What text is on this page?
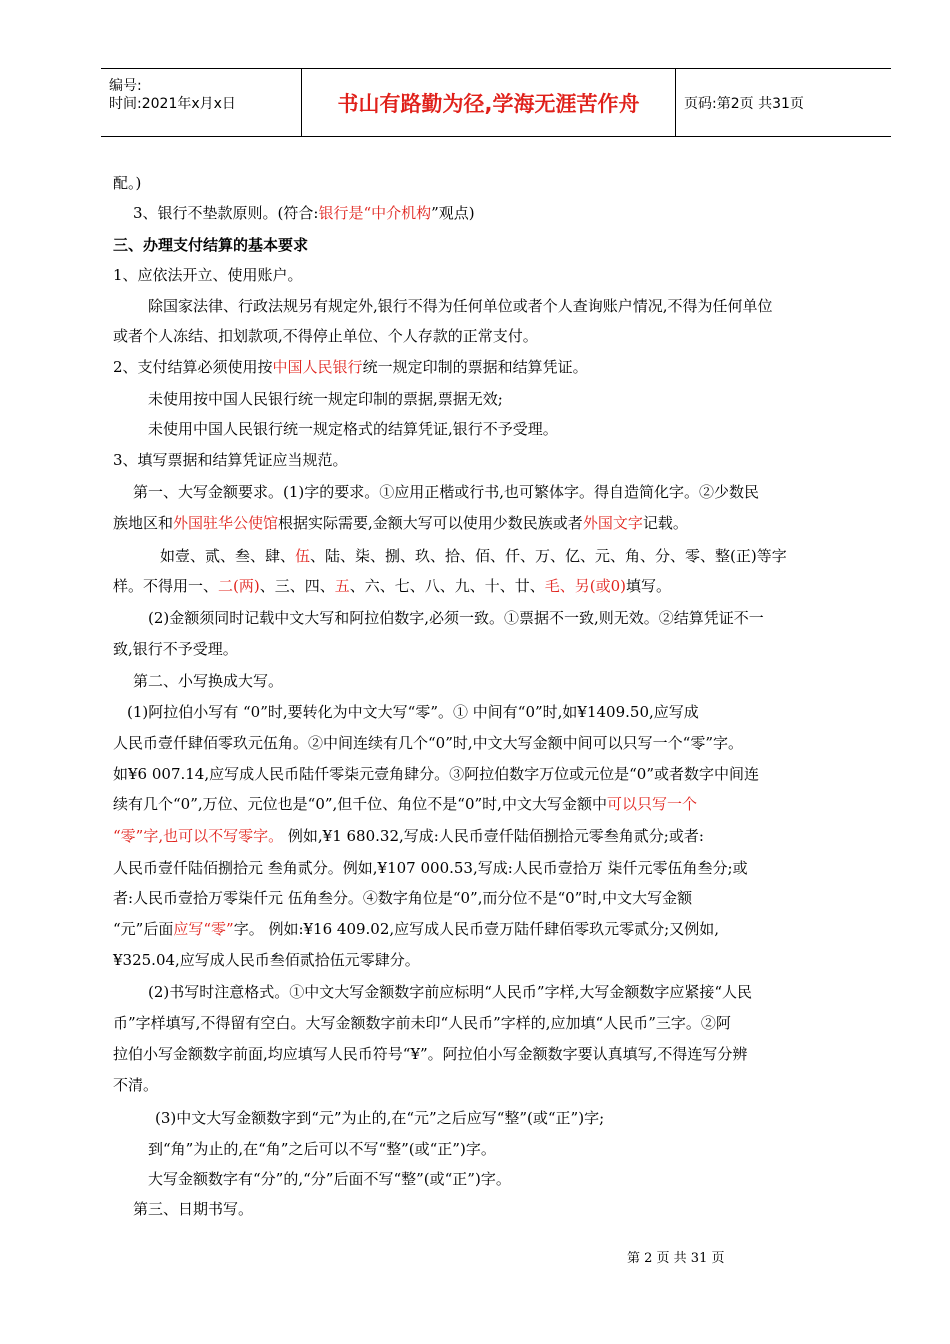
编号:
时间:2021年x月x日	书山有路勤为径,学海无涯苦作舟	页码:第2页 共31页
配。)
3、银行不垫款原则。(符合:银行是“中介机构”观点)
三、办理支付结算的基本要求
1、应依法开立、使用账户。
除国家法律、行政法规另有规定外,银行不得为任何单位或者个人查询账户情况,不得为任何单位
或者个人冻结、扣划款项,不得停止单位、个人存款的正常支付。
2、支付结算必须使用按中国人民银行统一规定印制的票据和结算凭证。
未使用按中国人民银行统一规定印制的票据,票据无效;
未使用中国人民银行统一规定格式的结算凭证,银行不予受理。
3、填写票据和结算凭证应当规范。
第一、大写金额要求。(1)字的要求。①应用正楷或行书,也可繁体字。得自造简化字。②少数民
族地区和外国驻华公使馆根据实际需要,金额大写可以使用少数民族或者外国文字记载。
如壹、贰、叁、肆、伍、陆、柒、捌、玖、拾、佰、仟、万、亿、元、角、分、零、整(正)等字
样。不得用一、二(两)、三、四、五、六、七、八、九、十、廿、毛、另(或0)填写。
(2)金额须同时记载中文大写和阿拉伯数字,必须一致。①票据不一致,则无效。②结算凭证不一
致,银行不予受理。
第二、小写换成大写。
(1)阿拉伯小写有 “0”时,要转化为中文大写“零”。① 中间有“0”时,如¥1409.50,应写成
人民币壹仟肆佰零玖元伍角。②中间连续有几个“0”时,中文大写金额中间可以只写一个“零”字。
如¥6 007.14,应写成人民币陆仟零柒元壹角肆分。③阿拉伯数字万位或元位是“0”或者数字中间连
续有几个“0”,万位、元位也是“0”,但千位、角位不是“0”时,中文大写金额中可以只写一个
“零”字,也可以不写零字。 例如,¥1 680.32,写成:人民币壹仟陆佰捌拾元零叁角贰分;或者:
人民币壹仟陆佰捌拾元 叁角贰分。例如,¥107 000.53,写成:人民币壹拾万 柒仟元零伍角叁分;或
者:人民币壹拾万零柒仟元 伍角叁分。④数字角位是“0”,而分位不是“0”时,中文大写金额
“元”后面应写“零”字。 例如:¥16 409.02,应写成人民币壹万陆仟肆佰零玖元零贰分;又例如,
¥325.04,应写成人民币叁佰贰拾伍元零肆分。
(2)书写时注意格式。①中文大写金额数字前应标明“人民币”字样,大写金额数字应紧接“人民
币”字样填写,不得留有空白。大写金额数字前未印“人民币”字样的,应加填“人民币”三字。②阿
拉伯小写金额数字前面,均应填写人民币符号“¥”。阿拉伯小写金额数字要认真填写,不得连写分辨
不清。
(3)中文大写金额数字到“元”为止的,在“元”之后应写“整”(或“正”)字;
到“角”为止的,在“角”之后可以不写“整”(或“正”)字。
大写金额数字有“分”的,“分”后面不写“整”(或“正”)字。
第三、日期书写。
第 2 页 共 31 页
